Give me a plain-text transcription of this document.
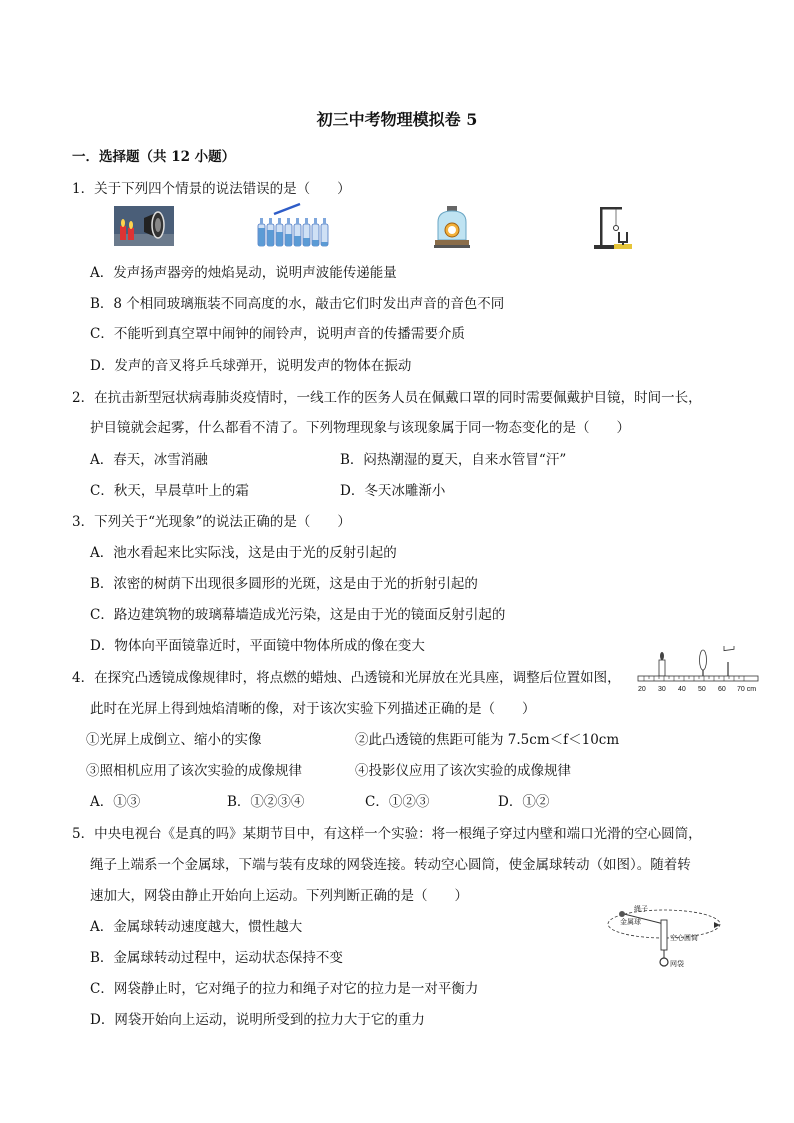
初三中考物理模拟卷 5
一．选择题（共 12 小题）
1．关于下列四个情景的说法错误的是（　　）
A．发声扬声器旁的烛焰晃动，说明声波能传递能量
B．8 个相同玻璃瓶装不同高度的水，敲击它们时发出声音的音色不同
C．不能听到真空罩中闹钟的闹铃声，说明声音的传播需要介质
D．发声的音叉将乒乓球弹开，说明发声的物体在振动
2．在抗击新型冠状病毒肺炎疫情时，一线工作的医务人员在佩戴口罩的同时需要佩戴护目镜，时间一长，
护目镜就会起雾，什么都看不清了。下列物理现象与该现象属于同一物态变化的是（　　）
A．春天，冰雪消融	B．闷热潮湿的夏天，自来水管冒“汗”
C．秋天，早晨草叶上的霜	D．冬天冰雕渐小
3．下列关于“光现象”的说法正确的是（　　）
A．池水看起来比实际浅，这是由于光的反射引起的
B．浓密的树荫下出现很多圆形的光斑，这是由于光的折射引起的
C．路边建筑物的玻璃幕墙造成光污染，这是由于光的镜面反射引起的
D．物体向平面镜靠近时，平面镜中物体所成的像在变大
4．在探究凸透镜成像规律时，将点燃的蜡烛、凸透镜和光屏放在光具座，调整后位置如图，
此时在光屏上得到烛焰清晰的像，对于该次实验下列描述正确的是（　　）
20 30 40 50 60 70 cm
①光屏上成倒立、缩小的实像	②此凸透镜的焦距可能为 7.5cm＜f＜10cm
③照相机应用了该次实验的成像规律	④投影仪应用了该次实验的成像规律
A．①③	B．①②③④	C．①②③	D．①②
5．中央电视台《是真的吗》某期节目中，有这样一个实验：将一根绳子穿过内壁和端口光滑的空心圆筒，
绳子上端系一个金属球，下端与装有皮球的网袋连接。转动空心圆筒，使金属球转动（如图）。随着转
速加大，网袋由静止开始向上运动。下列判断正确的是（　　）
绳子
金属球
空心圆筒
网袋
A．金属球转动速度越大，惯性越大
B．金属球转动过程中，运动状态保持不变
C．网袋静止时，它对绳子的拉力和绳子对它的拉力是一对平衡力
D．网袋开始向上运动，说明所受到的拉力大于它的重力
